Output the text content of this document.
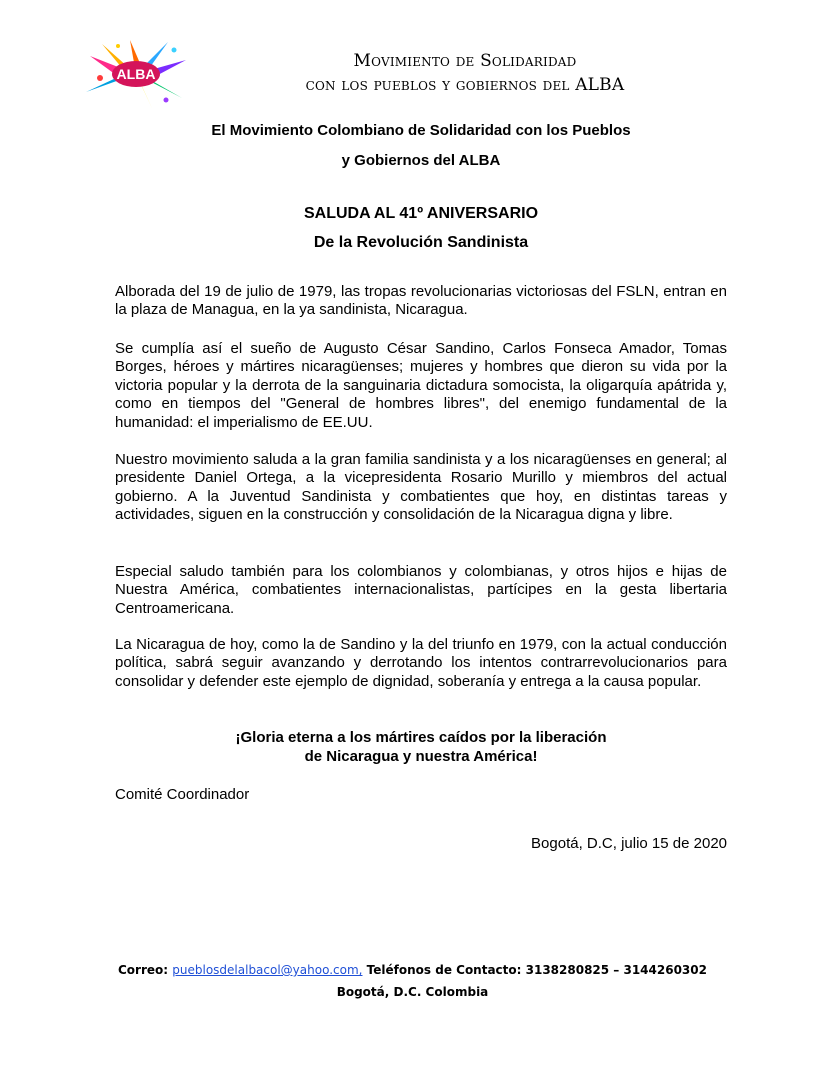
ALBA
Movimiento de Solidaridad
con los pueblos y gobiernos del ALBA
El Movimiento Colombiano de Solidaridad con los Pueblos
y Gobiernos del ALBA
SALUDA AL 41º ANIVERSARIO
De la Revolución Sandinista

Alborada del 19 de julio de 1979, las tropas revolucionarias victoriosas del FSLN, entran en la plaza de Managua, en la ya sandinista, Nicaragua.

Se cumplía así el sueño de Augusto César Sandino, Carlos Fonseca Amador, Tomas Borges, héroes y mártires nicaragüenses; mujeres y hombres que dieron su vida por la victoria popular y la derrota de la sanguinaria dictadura somocista, la oligarquía apátrida y, como en tiempos del "General de hombres libres", del enemigo fundamental de la humanidad: el imperialismo de EE.UU.

Nuestro movimiento saluda a la gran familia sandinista y a los nicaragüenses en general; al presidente Daniel Ortega, a la vicepresidenta Rosario Murillo y miembros del actual gobierno. A la Juventud Sandinista y combatientes que hoy, en distintas tareas y actividades, siguen en la construcción y consolidación de la Nicaragua digna y libre.

Especial saludo también para los colombianos y colombianas, y otros hijos e hijas de Nuestra América, combatientes internacionalistas, partícipes en la gesta libertaria Centroamericana.

La Nicaragua de hoy, como la de Sandino y la del triunfo en 1979, con la actual conducción política, sabrá seguir avanzando y derrotando los intentos contrarrevolucionarios para consolidar y defender este ejemplo de dignidad, soberanía y entrega a la causa popular.

¡Gloria eterna a los mártires caídos por la liberación
de Nicaragua y nuestra América!
Comité Coordinador
Bogotá, D.C, julio 15 de 2020
Correo: pueblosdelalbacol@yahoo.com, Teléfonos de Contacto: 3138280825 – 3144260302
Bogotá, D.C. Colombia
